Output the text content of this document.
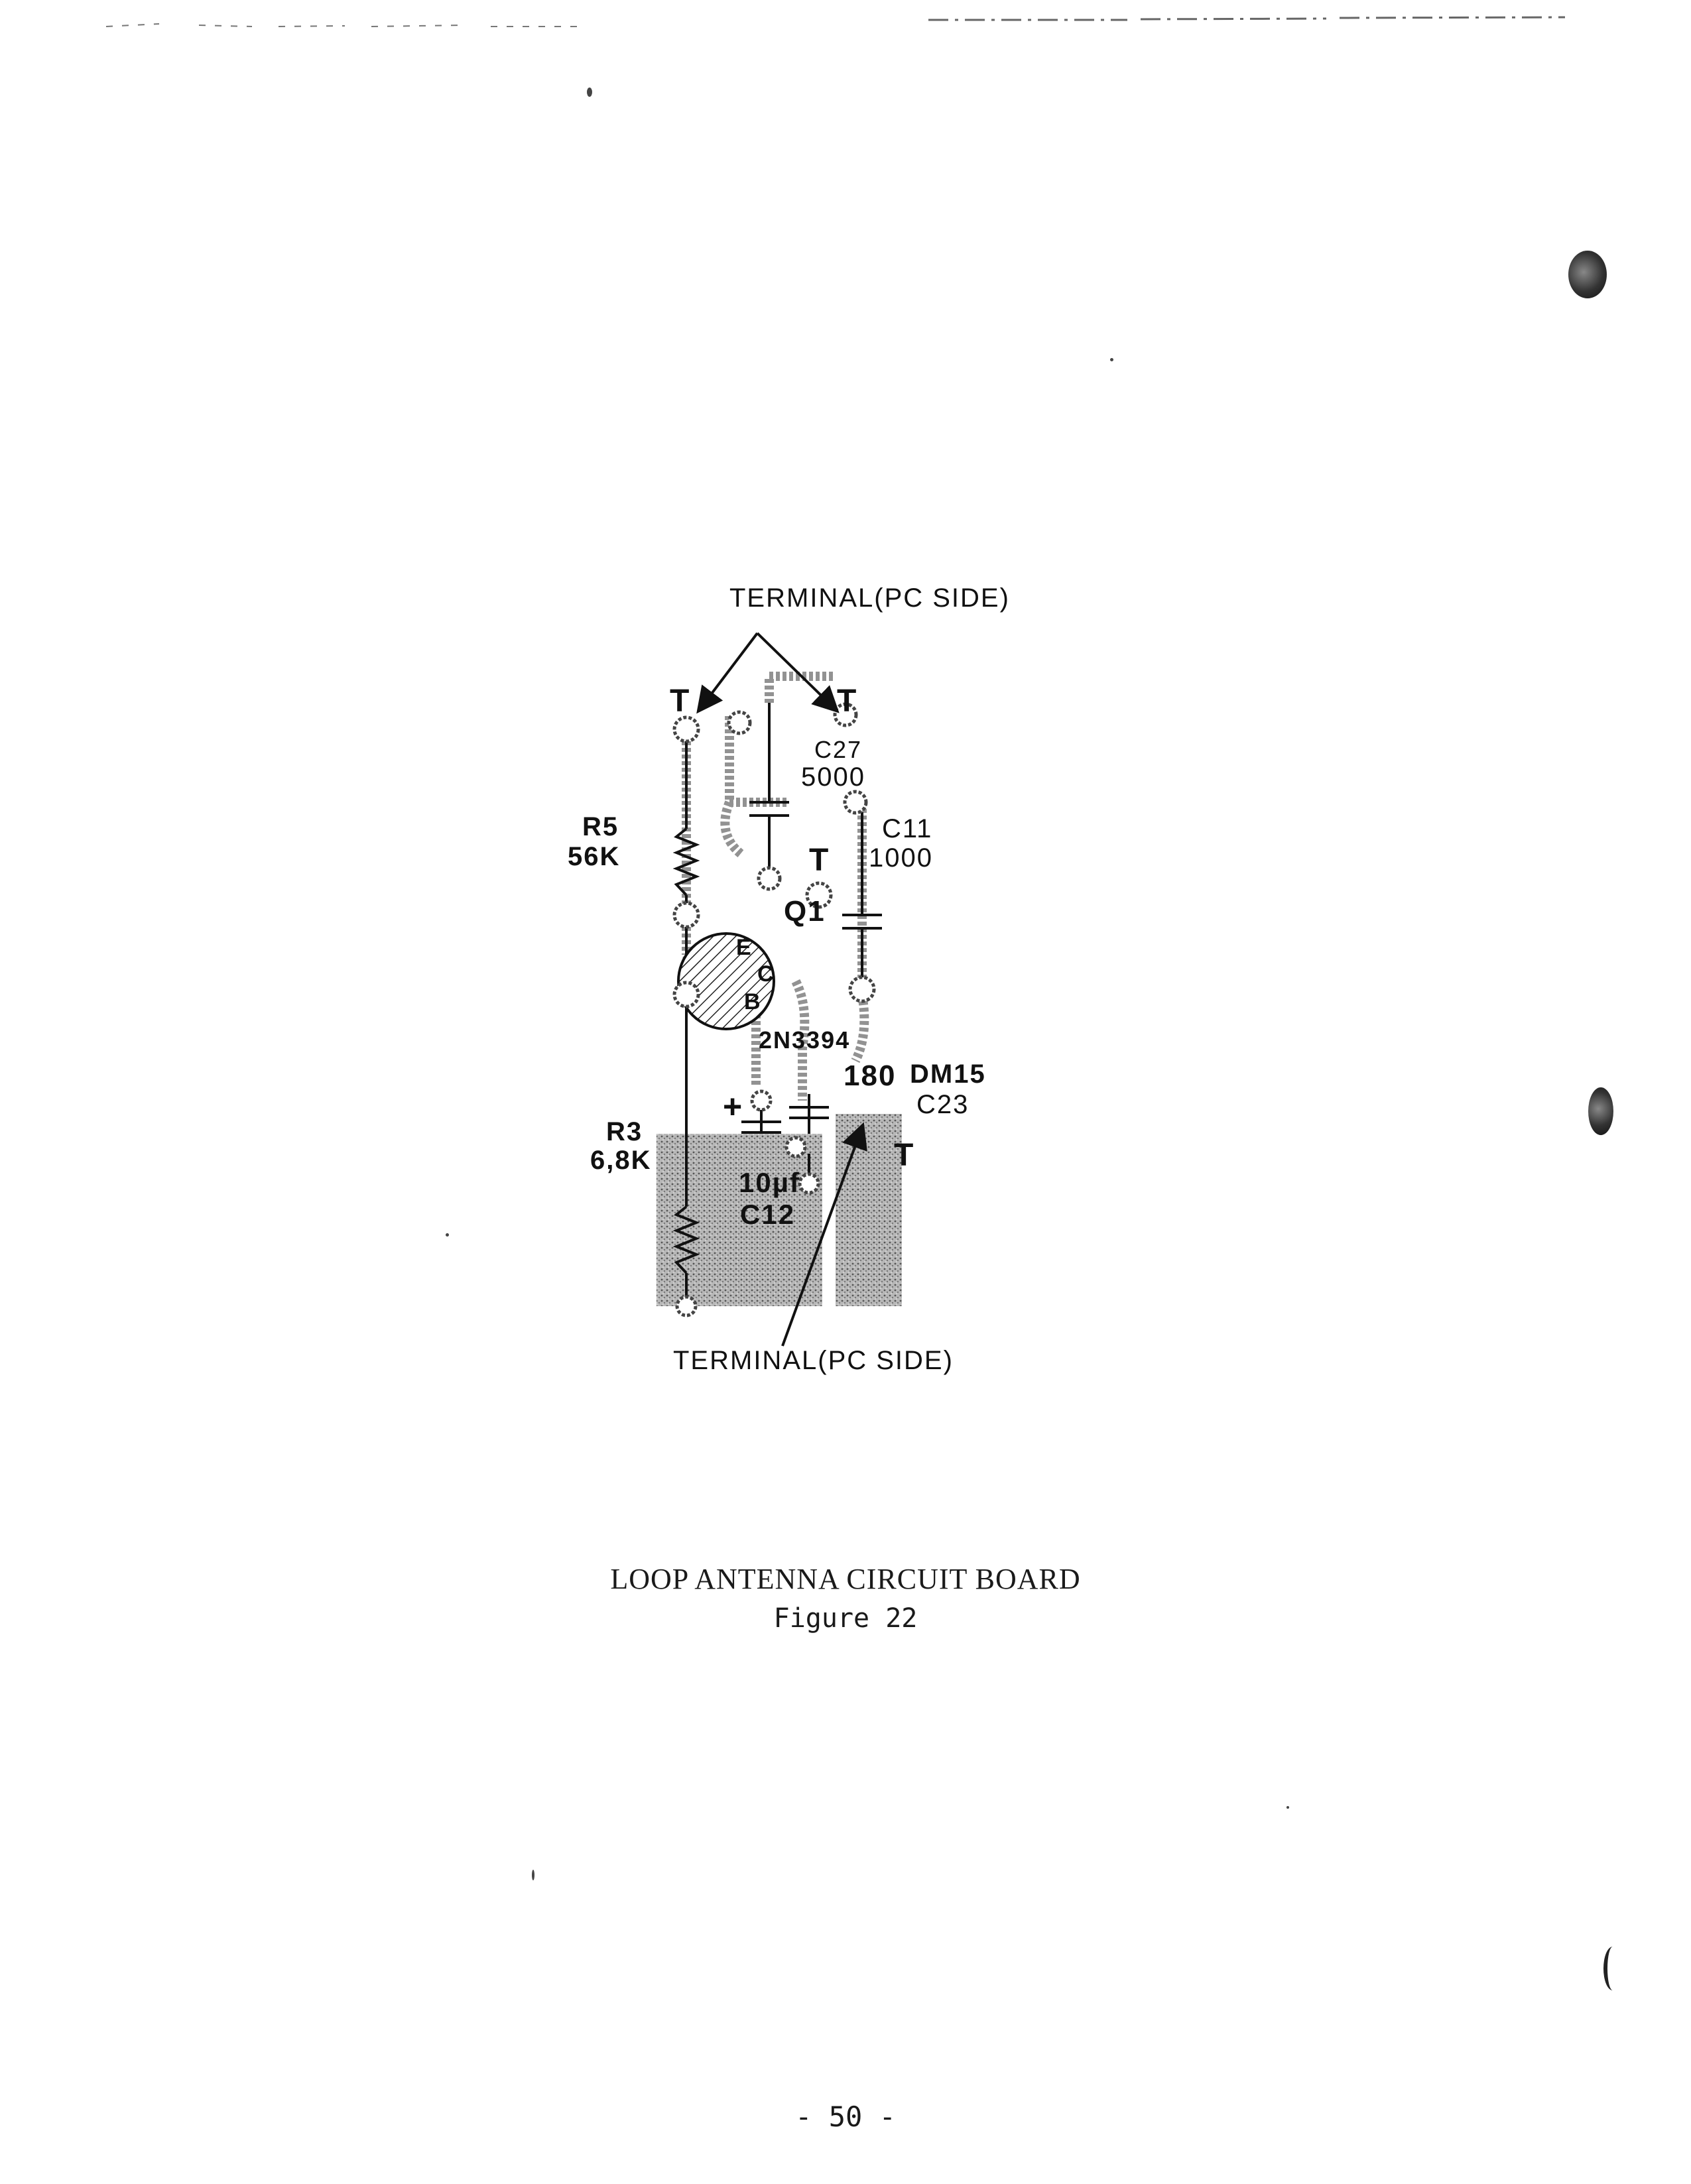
TERMINAL(PC SIDE)
T	T
C27
5000
R5
56K
C11
1000
T
Q1
E
C
B
2N3394
180 DM15
C23
+
R3
6,8K	T
10µf
C12
TERMINAL(PC SIDE)
LOOP ANTENNA CIRCUIT BOARD
Figure 22
- 50 -
